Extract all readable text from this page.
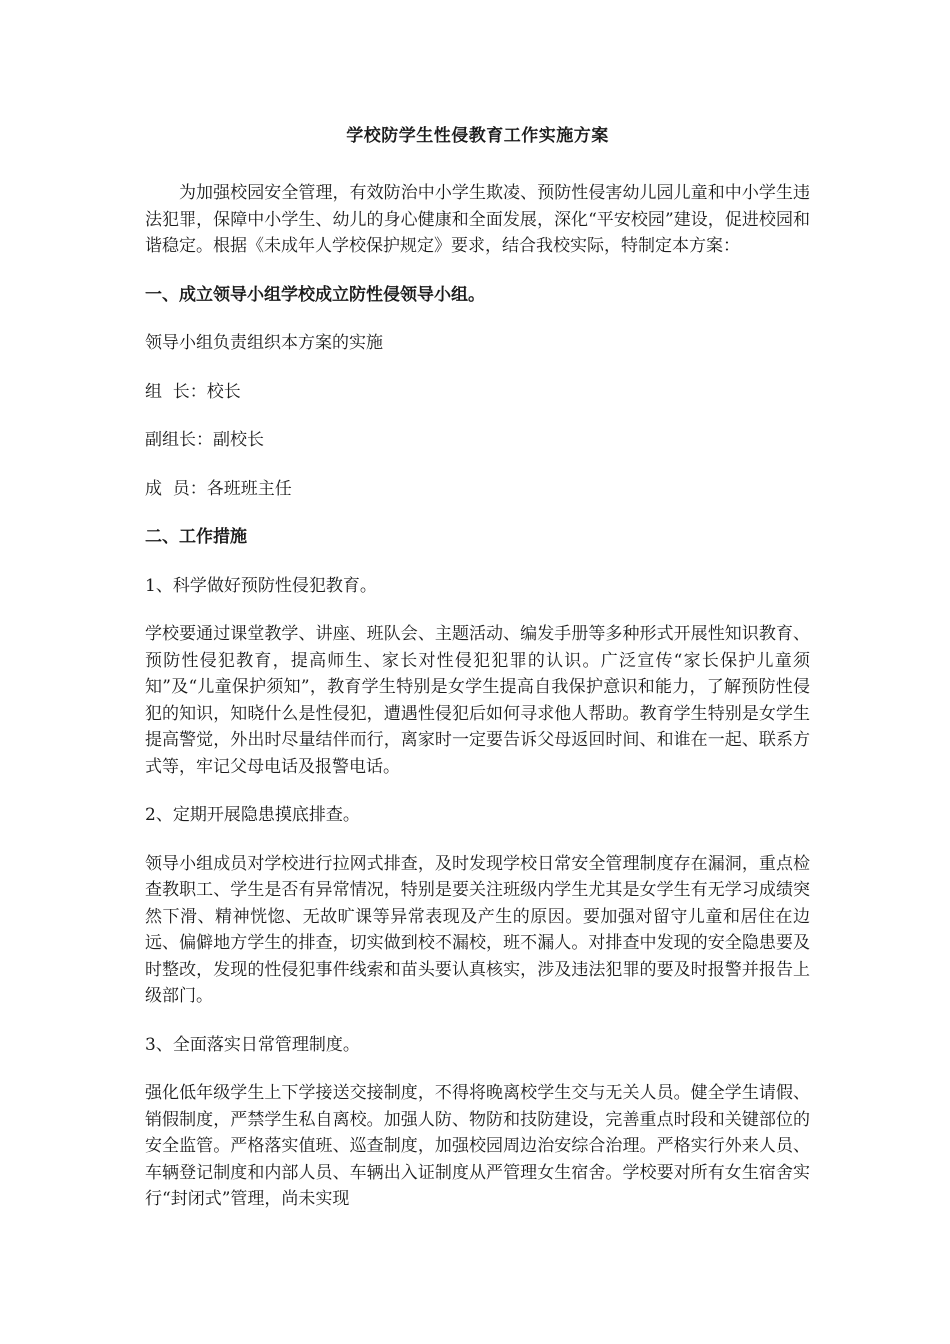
学校防学生性侵教育工作实施方案

为加强校园安全管理，有效防治中小学生欺凌、预防性侵害幼儿园儿童和中小学生违法犯罪，保障中小学生、幼儿的身心健康和全面发展，深化“平安校园”建设，促进校园和谐稳定。根据《未成年人学校保护规定》要求，结合我校实际，特制定本方案：

一、成立领导小组学校成立防性侵领导小组。

领导小组负责组织本方案的实施

组  长：校长

副组长：副校长

成  员：各班班主任

二、工作措施

1、科学做好预防性侵犯教育。

学校要通过课堂教学、讲座、班队会、主题活动、编发手册等多种形式开展性知识教育、预防性侵犯教育，提高师生、家长对性侵犯犯罪的认识。广泛宣传“家长保护儿童须知”及“儿童保护须知”，教育学生特别是女学生提高自我保护意识和能力，了解预防性侵犯的知识，知晓什么是性侵犯，遭遇性侵犯后如何寻求他人帮助。教育学生特别是女学生提高警觉，外出时尽量结伴而行，离家时一定要告诉父母返回时间、和谁在一起、联系方式等，牢记父母电话及报警电话。

2、定期开展隐患摸底排查。

领导小组成员对学校进行拉网式排查，及时发现学校日常安全管理制度存在漏洞，重点检查教职工、学生是否有异常情况，特别是要关注班级内学生尤其是女学生有无学习成绩突然下滑、精神恍惚、无故旷课等异常表现及产生的原因。要加强对留守儿童和居住在边远、偏僻地方学生的排查，切实做到校不漏校，班不漏人。对排查中发现的安全隐患要及时整改，发现的性侵犯事件线索和苗头要认真核实，涉及违法犯罪的要及时报警并报告上级部门。

3、全面落实日常管理制度。

强化低年级学生上下学接送交接制度，不得将晚离校学生交与无关人员。健全学生请假、销假制度，严禁学生私自离校。加强人防、物防和技防建设，完善重点时段和关键部位的安全监管。严格落实值班、巡查制度，加强校园周边治安综合治理。严格实行外来人员、车辆登记制度和内部人员、车辆出入证制度从严管理女生宿舍。学校要对所有女生宿舍实行“封闭式”管理，尚未实现
